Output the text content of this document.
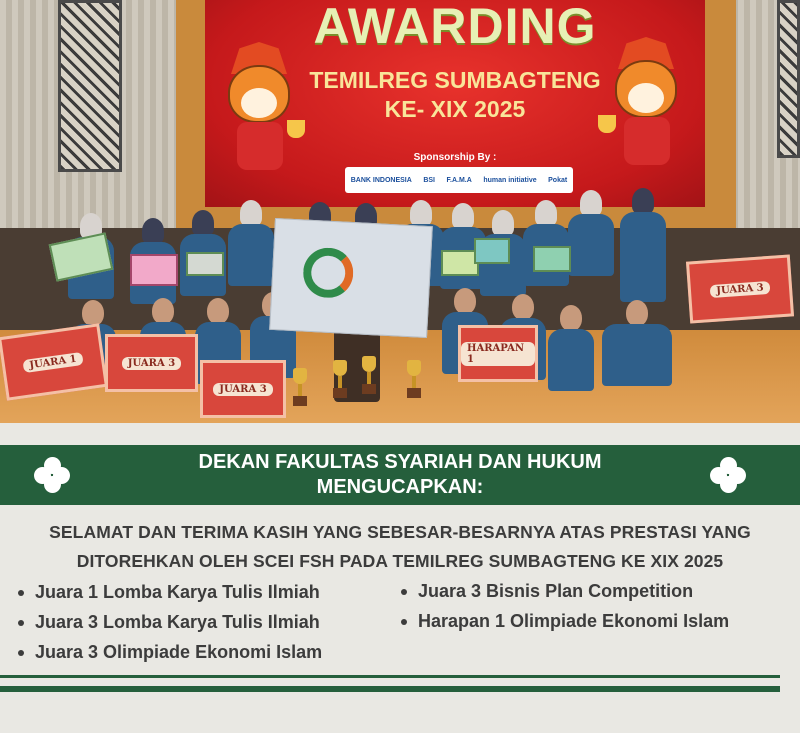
AWARDING
TEMILREG SUMBAGTENG
KE- XIX 2025
Sponsorship By :
BANK INDONESIA BSI F.A.M.A human initiative Pokat
JUARA 1	JUARA 3
JUARA 3
HARAPAN 1
JUARA 3
DEKAN FAKULTAS SYARIAH DAN HUKUM
MENGUCAPKAN:
SELAMAT DAN TERIMA KASIH YANG SEBESAR-BESARNYA ATAS PRESTASI YANG
DITOREHKAN OLEH SCEI FSH PADA TEMILREG SUMBAGTENG KE XIX 2025
Juara 1 Lomba Karya Tulis Ilmiah
Juara 3 Lomba Karya Tulis Ilmiah
Juara 3 Olimpiade Ekonomi Islam
Juara 3 Bisnis Plan Competition
Harapan 1 Olimpiade Ekonomi Islam
